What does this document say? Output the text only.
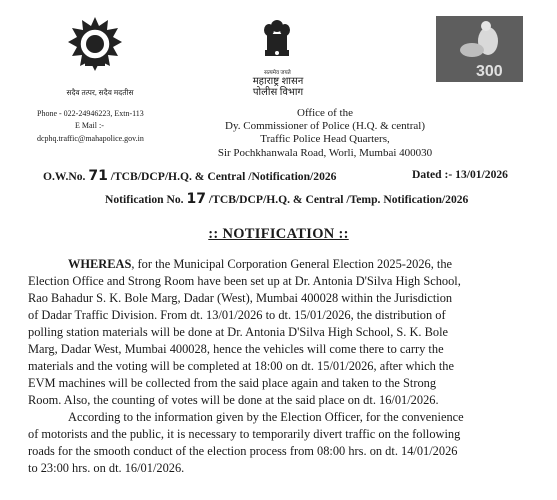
सदैव तत्पर, सदैव मदतीस
Phone - 022-24946223, Extn-113
E Mail :-
dcphq.traffic@mahapolice.gov.in
सत्यमेव जयते
महाराष्ट्र शासन
पोलीस विभाग
Office of the
Dy. Commissioner of Police (H.Q. & central)
Traffic Police Head Quarters,
Sir Pochkhanwala Road, Worli, Mumbai 400030
300
O.W.No. 71 /TCB/DCP/H.Q. & Central /Notification/2026	Dated :- 13/01/2026
Notification No. 17 /TCB/DCP/H.Q. & Central /Temp. Notification/2026
:: NOTIFICATION ::
WHEREAS, for the Municipal Corporation General Election 2025-2026, the
Election Office and Strong Room have been set up at Dr. Antonia D'Silva High School,
Rao Bahadur S. K. Bole Marg, Dadar (West), Mumbai 400028 within the Jurisdiction
of Dadar Traffic Division. From dt. 13/01/2026 to dt. 15/01/2026, the distribution of
polling station materials will be done at Dr. Antonia D'Silva High School, S. K. Bole
Marg, Dadar West, Mumbai 400028, hence the vehicles will come there to carry the
materials and the voting will be completed at 18:00 on dt. 15/01/2026, after which the
EVM machines will be collected from the said place again and taken to the Strong
Room. Also, the counting of votes will be done at the said place on dt. 16/01/2026.
According to the information given by the Election Officer, for the convenience
of motorists and the public, it is necessary to temporarily divert traffic on the following
roads for the smooth conduct of the election process from 08:00 hrs. on dt. 14/01/2026
to 23:00 hrs. on dt. 16/01/2026.
